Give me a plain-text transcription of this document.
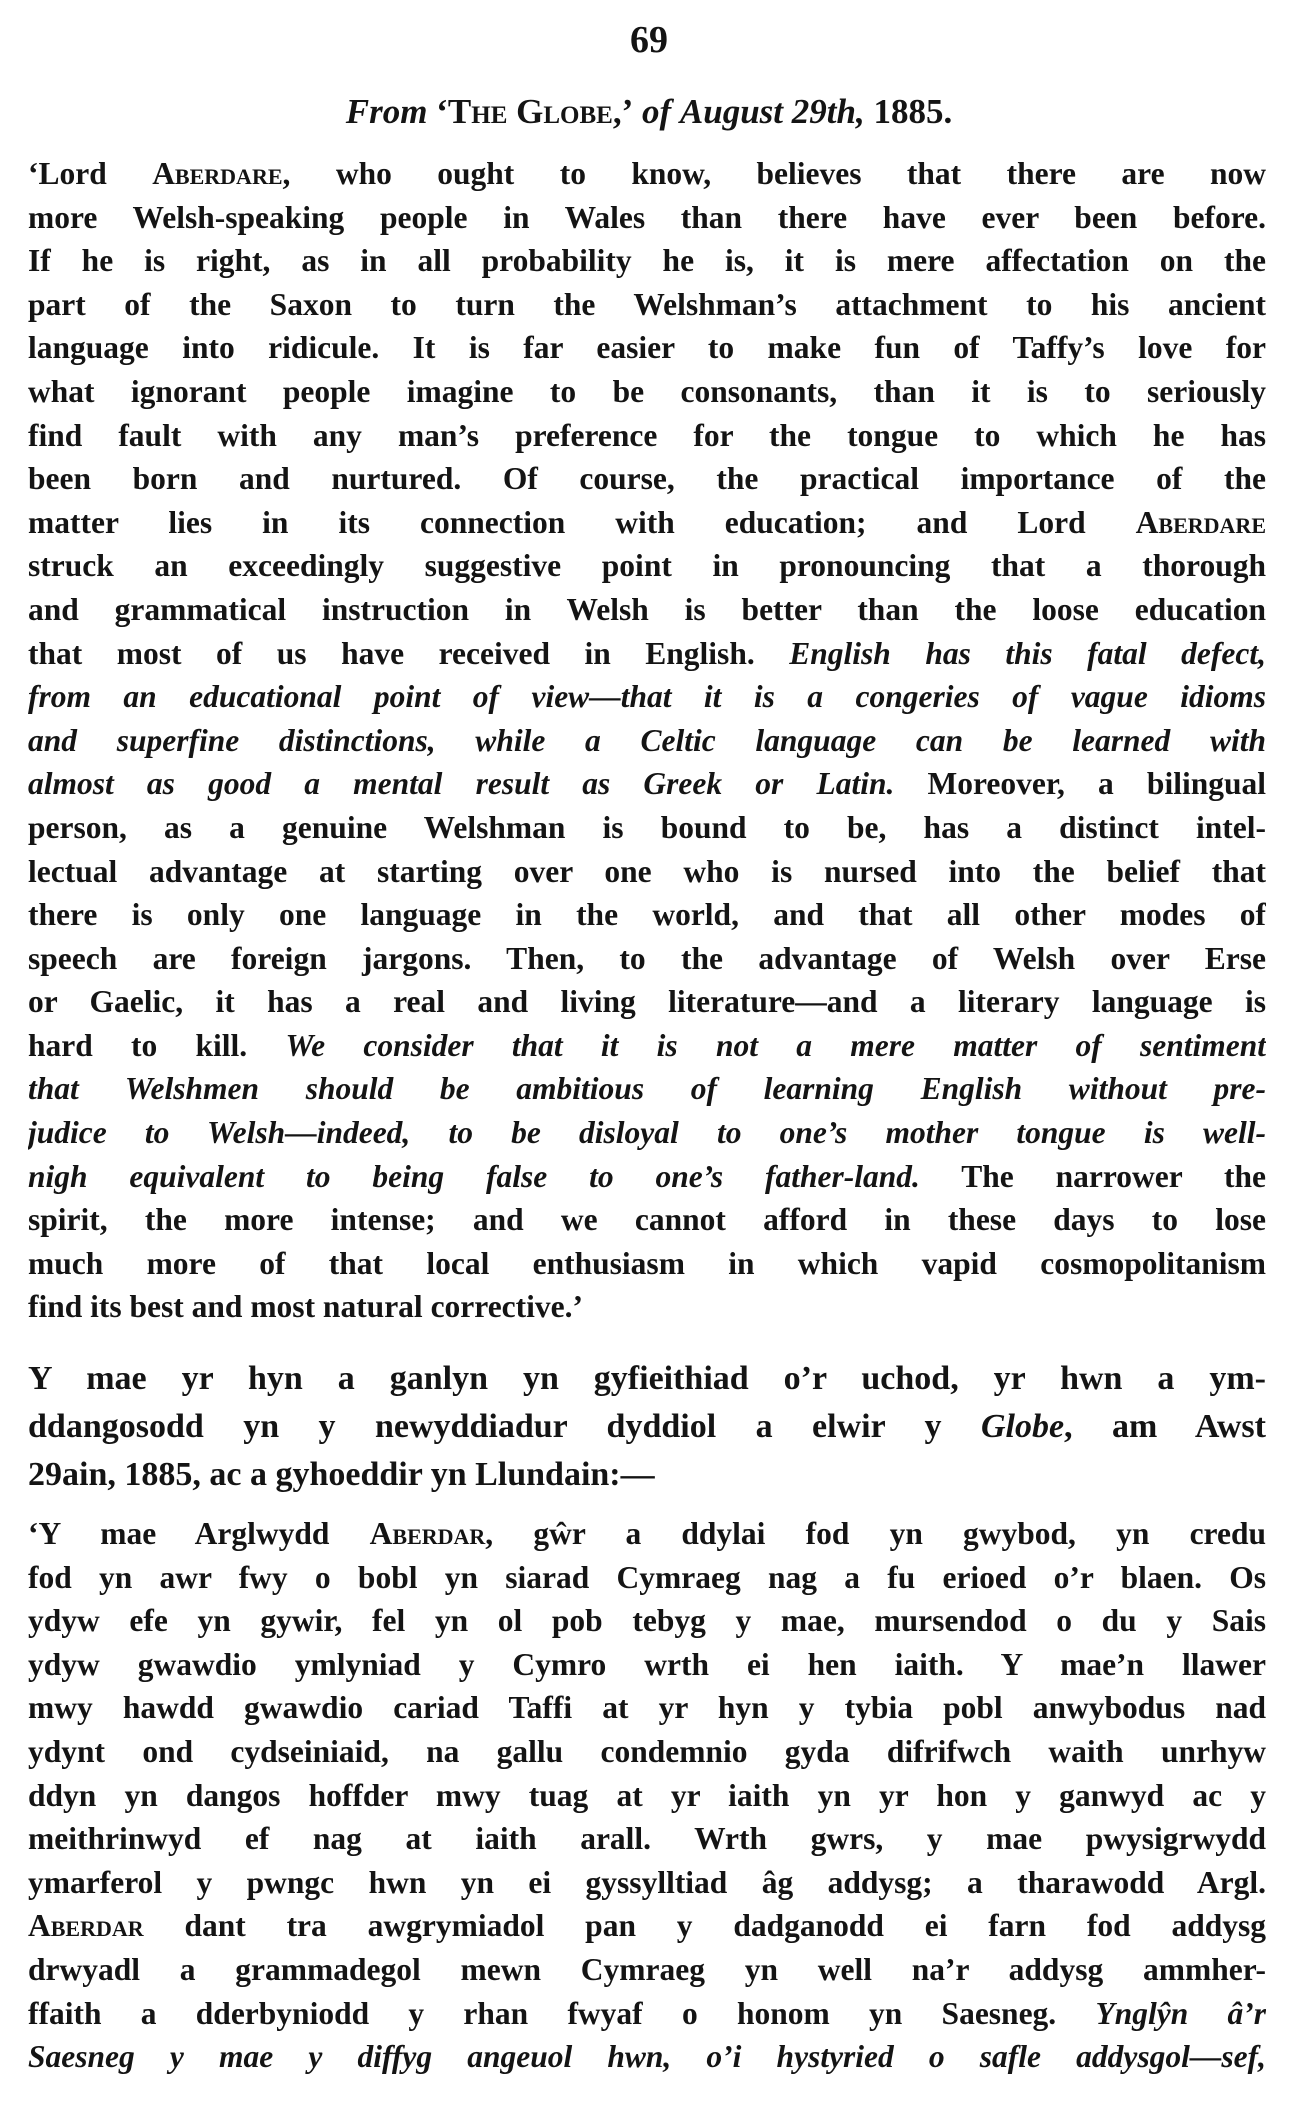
69
From ‘The Globe,’ of August 29th, 1885.
‘Lord Aberdare, who ought to know, believes that there are now
more Welsh-speaking people in Wales than there have ever been before.
If he is right, as in all probability he is, it is mere affectation on the
part of the Saxon to turn the Welshman’s attachment to his ancient
language into ridicule. It is far easier to make fun of Taffy’s love for
what ignorant people imagine to be consonants, than it is to seriously
find fault with any man’s preference for the tongue to which he has
been born and nurtured. Of course, the practical importance of the
matter lies in its connection with education; and Lord Aberdare
struck an exceedingly suggestive point in pronouncing that a thorough
and grammatical instruction in Welsh is better than the loose education
that most of us have received in English. English has this fatal defect,
from an educational point of view—that it is a congeries of vague idioms
and superfine distinctions, while a Celtic language can be learned with
almost as good a mental result as Greek or Latin. Moreover, a bilingual
person, as a genuine Welshman is bound to be, has a distinct intel-
lectual advantage at starting over one who is nursed into the belief that
there is only one language in the world, and that all other modes of
speech are foreign jargons. Then, to the advantage of Welsh over Erse
or Gaelic, it has a real and living literature—and a literary language is
hard to kill. We consider that it is not a mere matter of sentiment
that Welshmen should be ambitious of learning English without pre-
judice to Welsh—indeed, to be disloyal to one’s mother tongue is well-
nigh equivalent to being false to one’s father-land. The narrower the
spirit, the more intense; and we cannot afford in these days to lose
much more of that local enthusiasm in which vapid cosmopolitanism
find its best and most natural corrective.’
Y mae yr hyn a ganlyn yn gyfieithiad o’r uchod, yr hwn a ym-
ddangosodd yn y newyddiadur dyddiol a elwir y Globe, am Awst
29ain, 1885, ac a gyhoeddir yn Llundain:—
‘Y mae Arglwydd Aberdar, gŵr a ddylai fod yn gwybod, yn credu
fod yn awr fwy o bobl yn siarad Cymraeg nag a fu erioed o’r blaen. Os
ydyw efe yn gywir, fel yn ol pob tebyg y mae, mursendod o du y Sais
ydyw gwawdio ymlyniad y Cymro wrth ei hen iaith. Y mae’n llawer
mwy hawdd gwawdio cariad Taffi at yr hyn y tybia pobl anwybodus nad
ydynt ond cydseiniaid, na gallu condemnio gyda difrifwch waith unrhyw
ddyn yn dangos hoffder mwy tuag at yr iaith yn yr hon y ganwyd ac y
meithrinwyd ef nag at iaith arall. Wrth gwrs, y mae pwysigrwydd
ymarferol y pwngc hwn yn ei gyssylltiad âg addysg; a tharawodd Argl.
Aberdar dant tra awgrymiadol pan y dadganodd ei farn fod addysg
drwyadl a grammadegol mewn Cymraeg yn well na’r addysg ammher-
ffaith a dderbyniodd y rhan fwyaf o honom yn Saesneg. Ynglŷn â’r
Saesneg y mae y diffyg angeuol hwn, o’i hystyried o safle addysgol—sef,
